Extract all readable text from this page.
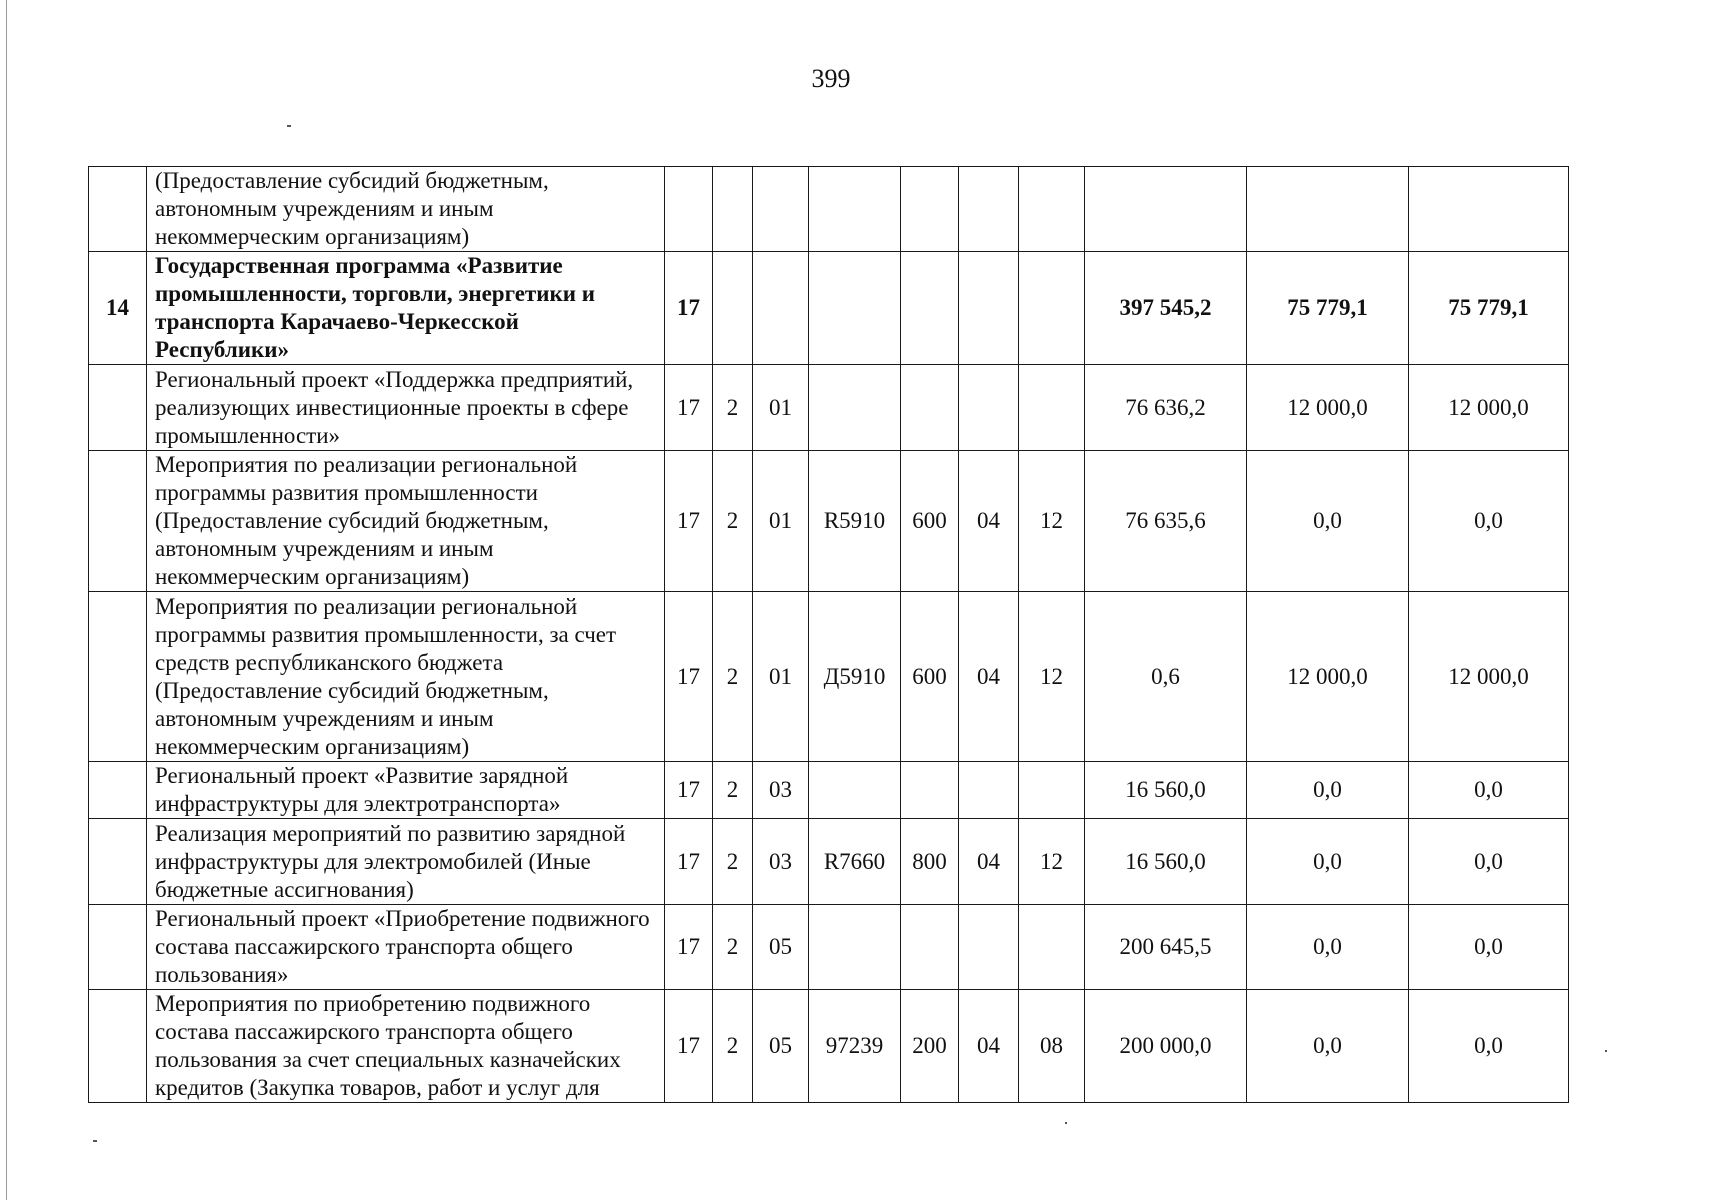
399
	(Предоставление субсидий бюджетным, автономным учреждениям и иным некоммерческим организациям)										
14	Государственная программа «Развитие промышленности, торговли, энергетики и транспорта Карачаево-Черкесской Республики»	17							397 545,2	75 779,1	75 779,1
	Региональный проект «Поддержка предприятий, реализующих инвестиционные проекты в сфере промышленности»	17	2	01					76 636,2	12 000,0	12 000,0
	Мероприятия по реализации региональной программы развития промышленности (Предоставление субсидий бюджетным, автономным учреждениям и иным некоммерческим организациям)	17	2	01	R5910	600	04	12	76 635,6	0,0	0,0
	Мероприятия по реализации региональной программы развития промышленности, за счет средств республиканского бюджета (Предоставление субсидий бюджетным, автономным учреждениям и иным некоммерческим организациям)	17	2	01	Д5910	600	04	12	0,6	12 000,0	12 000,0
	Региональный проект «Развитие зарядной инфраструктуры для электротранспорта»	17	2	03					16 560,0	0,0	0,0
	Реализация мероприятий по развитию зарядной инфраструктуры для электромобилей (Иные бюджетные ассигнования)	17	2	03	R7660	800	04	12	16 560,0	0,0	0,0
	Региональный проект «Приобретение подвижного состава пассажирского транспорта общего пользования»	17	2	05					200 645,5	0,0	0,0
	Мероприятия по приобретению подвижного состава пассажирского транспорта общего пользования за счет специальных казначейских кредитов (Закупка товаров, работ и услуг для	17	2	05	97239	200	04	08	200 000,0	0,0	0,0
